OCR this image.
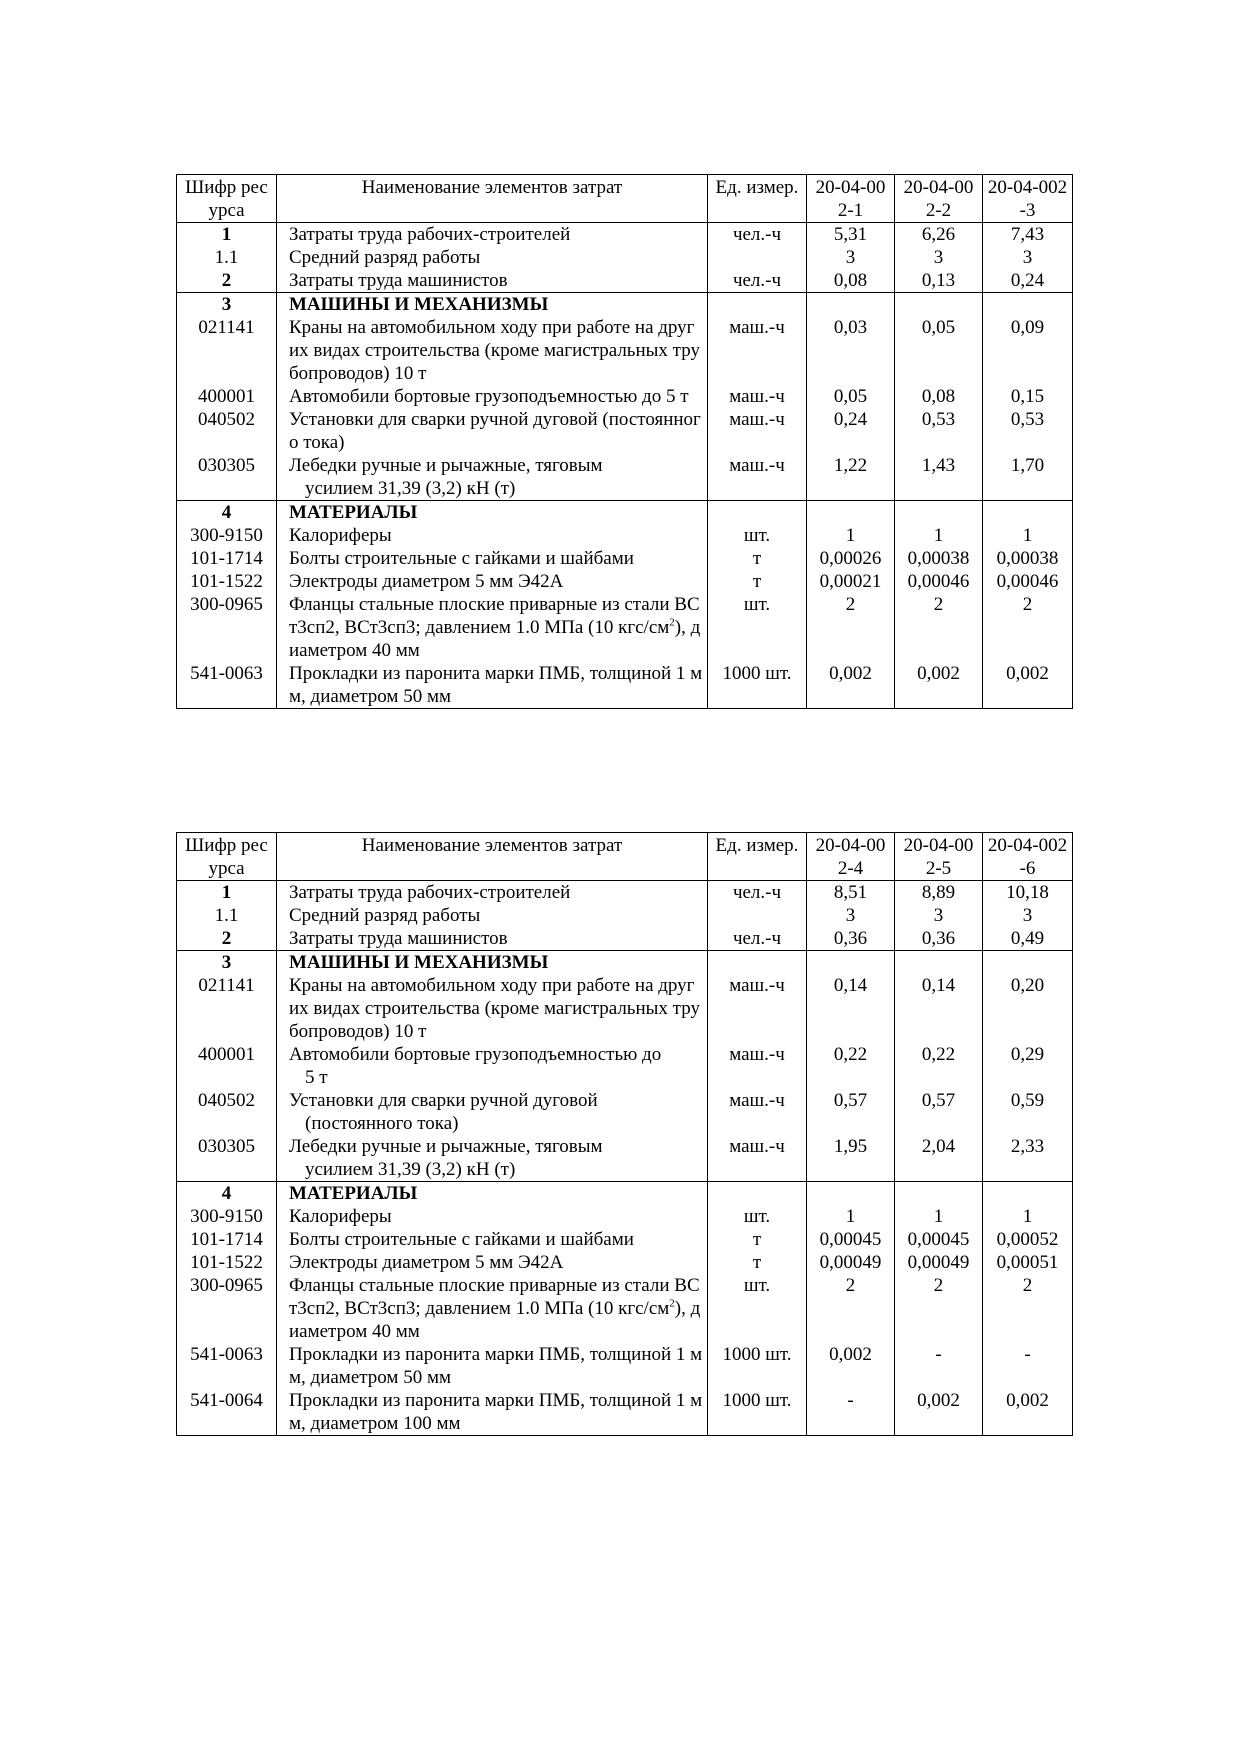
Шифр ресурса	Наименование элементов затрат	Ед. измер.	20-04-002-1	20-04-002-2	20-04-002-3
1	Затраты труда рабочих-строителей	чел.-ч	5,31	6,26	7,43
1.1	Средний разряд работы		3	3	3
2	Затраты труда машинистов	чел.-ч	0,08	0,13	0,24
3	МАШИНЫ И МЕХАНИЗМЫ				

021141	Краны на автомобильном ходу при работе на других видах строительства (кроме магистральных трубопроводов) 10 т	маш.-ч	0,03	0,05	0,09
400001	Автомобили бортовые грузоподъемностью до 5 т	маш.-ч	0,05	0,08	0,15
040502	Установки для сварки ручной дуговой (постоянного тока)	маш.-ч	0,24	0,53	0,53
030305	Лебедки ручные и рычажные, тяговым
усилием 31,39 (3,2) кН (т)	маш.-ч	1,22	1,43	1,70
4	МАТЕРИАЛЫ				

300-9150	Калориферы	шт.	1	1	1
101-1714	Болты строительные с гайками и шайбами	т	0,00026	0,00038	0,00038
101-1522	Электроды диаметром 5 мм Э42А	т	0,00021	0,00046	0,00046
300-0965	Фланцы стальные плоские приварные из стали ВСт3сп2, ВСт3сп3; давлением 1.0 МПа (10 кгс/$см^2$), диаметром 40 мм	шт.	2	2	2
541-0063	Прокладки из паронита марки ПМБ, толщиной 1 мм, диаметром 50 мм	1000 шт.	0,002	0,002	0,002
Шифр ресурса	Наименование элементов затрат	Ед. измер.	20-04-002-4	20-04-002-5	20-04-002-6
1	Затраты труда рабочих-строителей	чел.-ч	8,51	8,89	10,18
1.1	Средний разряд работы		3	3	3
2	Затраты труда машинистов	чел.-ч	0,36	0,36	0,49
3	МАШИНЫ И МЕХАНИЗМЫ				

021141	Краны на автомобильном ходу при работе на других видах строительства (кроме магистральных трубопроводов) 10 т	маш.-ч	0,14	0,14	0,20
400001	Автомобили бортовые грузоподъемностью до
5 т	маш.-ч	0,22	0,22	0,29
040502	Установки для сварки ручной дуговой
(постоянного тока)	маш.-ч	0,57	0,57	0,59
030305	Лебедки ручные и рычажные, тяговым
усилием 31,39 (3,2) кН (т)	маш.-ч	1,95	2,04	2,33
4	МАТЕРИАЛЫ				

300-9150	Калориферы	шт.	1	1	1
101-1714	Болты строительные с гайками и шайбами	т	0,00045	0,00045	0,00052
101-1522	Электроды диаметром 5 мм Э42А	т	0,00049	0,00049	0,00051
300-0965	Фланцы стальные плоские приварные из стали ВСт3сп2, ВСт3сп3; давлением 1.0 МПа (10 кгс/$см^2$), диаметром 40 мм	шт.	2	2	2
541-0063	Прокладки из паронита марки ПМБ, толщиной 1 мм, диаметром 50 мм	1000 шт.	0,002	-	-
541-0064	Прокладки из паронита марки ПМБ, толщиной 1 мм, диаметром 100 мм	1000 шт.	-	0,002	0,002
